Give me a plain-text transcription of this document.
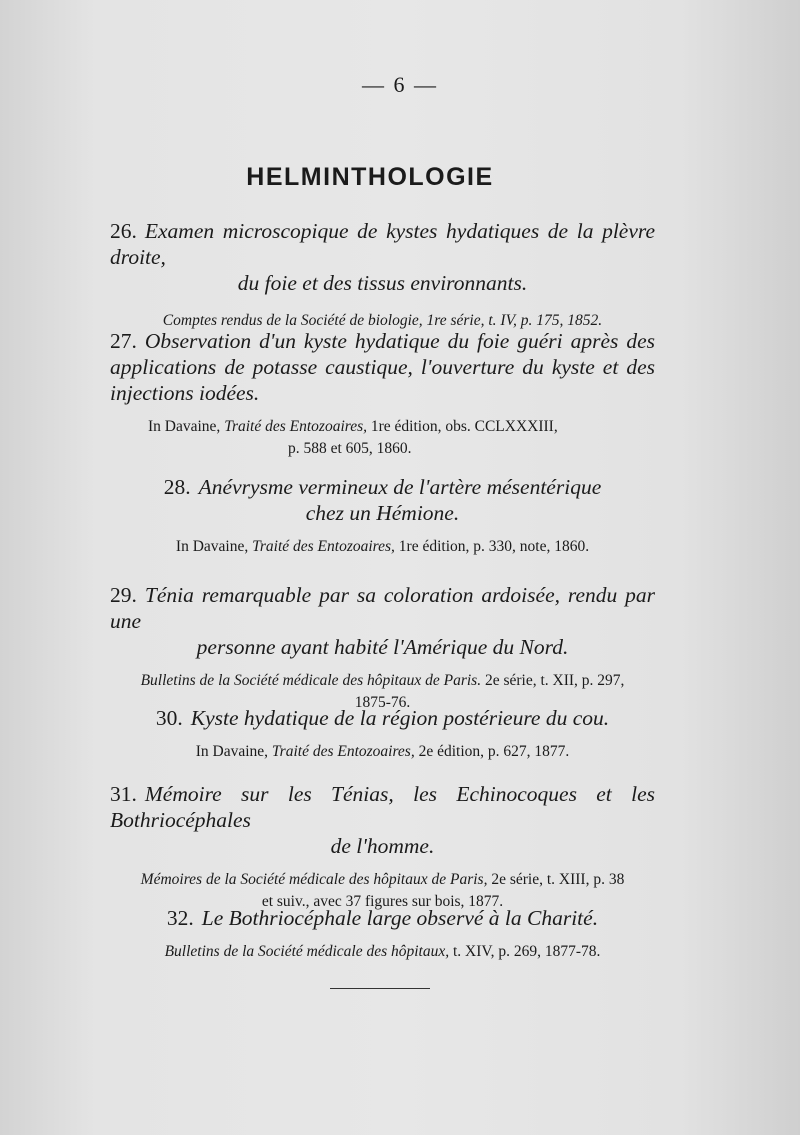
— 6 —
HELMINTHOLOGIE
26. Examen microscopique de kystes hydatiques de la plèvre droite,
du foie et des tissus environnants.
Comptes rendus de la Société de biologie, 1re série, t. IV, p. 175, 1852.
27. Observation d'un kyste hydatique du foie guéri après des applications de potasse caustique, l'ouverture du kyste et des injections iodées.
In Davaine, Traité des Entozoaires, 1re édition, obs. CCLXXXIII,
p. 588 et 605, 1860.
28. Anévrysme vermineux de l'artère mésentérique
chez un Hémione.
In Davaine, Traité des Entozoaires, 1re édition, p. 330, note, 1860.
29. Ténia remarquable par sa coloration ardoisée, rendu par une
personne ayant habité l'Amérique du Nord.
Bulletins de la Société médicale des hôpitaux de Paris. 2e série, t. XII, p. 297,
1875-76.
30. Kyste hydatique de la région postérieure du cou.
In Davaine, Traité des Entozoaires, 2e édition, p. 627, 1877.
31. Mémoire sur les Ténias, les Echinocoques et les Bothriocéphales
de l'homme.
Mémoires de la Société médicale des hôpitaux de Paris, 2e série, t. XIII, p. 38
et suiv., avec 37 figures sur bois, 1877.
32. Le Bothriocéphale large observé à la Charité.
Bulletins de la Société médicale des hôpitaux, t. XIV, p. 269, 1877-78.
